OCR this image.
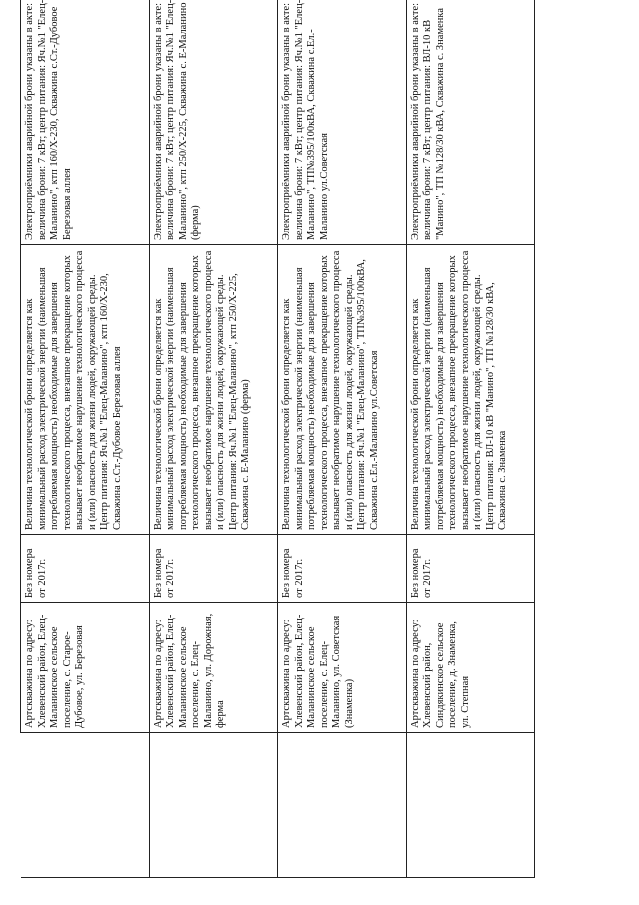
	Артскважина по адресу: Хлевенский район, Елец-Маланинское сельское поселение, с. Старое-Дубовое, ул. Березовая	Без номера от 2017г.	Величина технологической брони определяется как минимальный расход электрической энергии (наименьшая потребляемая мощность) необходимые для завершения технологического процесса, внезапное прекращение которых вызывает необратимое нарушение технологического процесса и (или) опасность для жизни людей, окружающей среды. Центр питания: Яч.№1 "Елец-Маланино", ктп 160/Х-230, Скважина с.Ст.-Дубовое Березовая аллея	Электроприёмники аварийной брони указаны в акте: величина брони: 7 кВт; центр питания: Яч.№1 "Елец-Маланино", ктп 160/Х-230, Скважина с.Ст.-Дубовое Березовая аллея

	Артскважина по адресу: Хлевенский район, Елец-Маланинское сельское поселение, с. Елец-Маланино, ул. Дорожная, ферма	Без номера от 2017г.	Величина технологической брони определяется как минимальный расход электрической энергии (наименьшая потребляемая мощность) необходимые для завершения технологического процесса, внезапное прекращение которых вызывает необратимое нарушение технологического процесса и (или) опасность для жизни людей, окружающей среды. Центр питания: Яч.№1 "Елец-Маланино", ктп 250/Х-225, Скважина с. Е-Маланино (ферма)	Электроприёмники аварийной брони указаны в акте: величина брони: 7 кВт; центр питания: Яч.№1 "Елец-Маланино", ктп 250/Х-225, Скважина с. Е-Маланино (ферма)

	Артскважина по адресу: Хлевенский район, Елец-Маланинское сельское поселение, с. Елец-Маланино, ул. Советская (Знаменка)	Без номера от 2017г.	Величина технологической брони определяется как минимальный расход электрической энергии (наименьшая потребляемая мощность) необходимые для завершения технологического процесса, внезапное прекращение которых вызывает необратимое нарушение технологического процесса и (или) опасность для жизни людей, окружающей среды. Центр питания: Яч.№1 "Елец-Маланино", ТП№395/100кВА, Скважина с.Ел.-Маланино ул.Советская	Электроприёмники аварийной брони указаны в акте: величина брони: 7 кВт; центр питания: Яч.№1 "Елец-Маланино", ТП№395/100кВА, Скважина с.Ел.-Маланино ул.Советская

	Артскважина по адресу: Хлевенский район, Синдякинское сельское поселение, д. Знаменка, ул. Степная	Без номера от 2017г.	Величина технологической брони определяется как минимальный расход электрической энергии (наименьшая потребляемая мощность) необходимые для завершения технологического процесса, внезапное прекращение которых вызывает необратимое нарушение технологического процесса и (или) опасность для жизни людей, окружающей среды. Центр питания: ВЛ-10 кВ "Манино", ТП №128/30 кВА, Скважина с. Знаменка	Электроприёмники аварийной брони указаны в акте: величина брони: 7 кВт; центр питания: ВЛ-10 кВ "Манино", ТП №128/30 кВА, Скважина с. Знаменка
